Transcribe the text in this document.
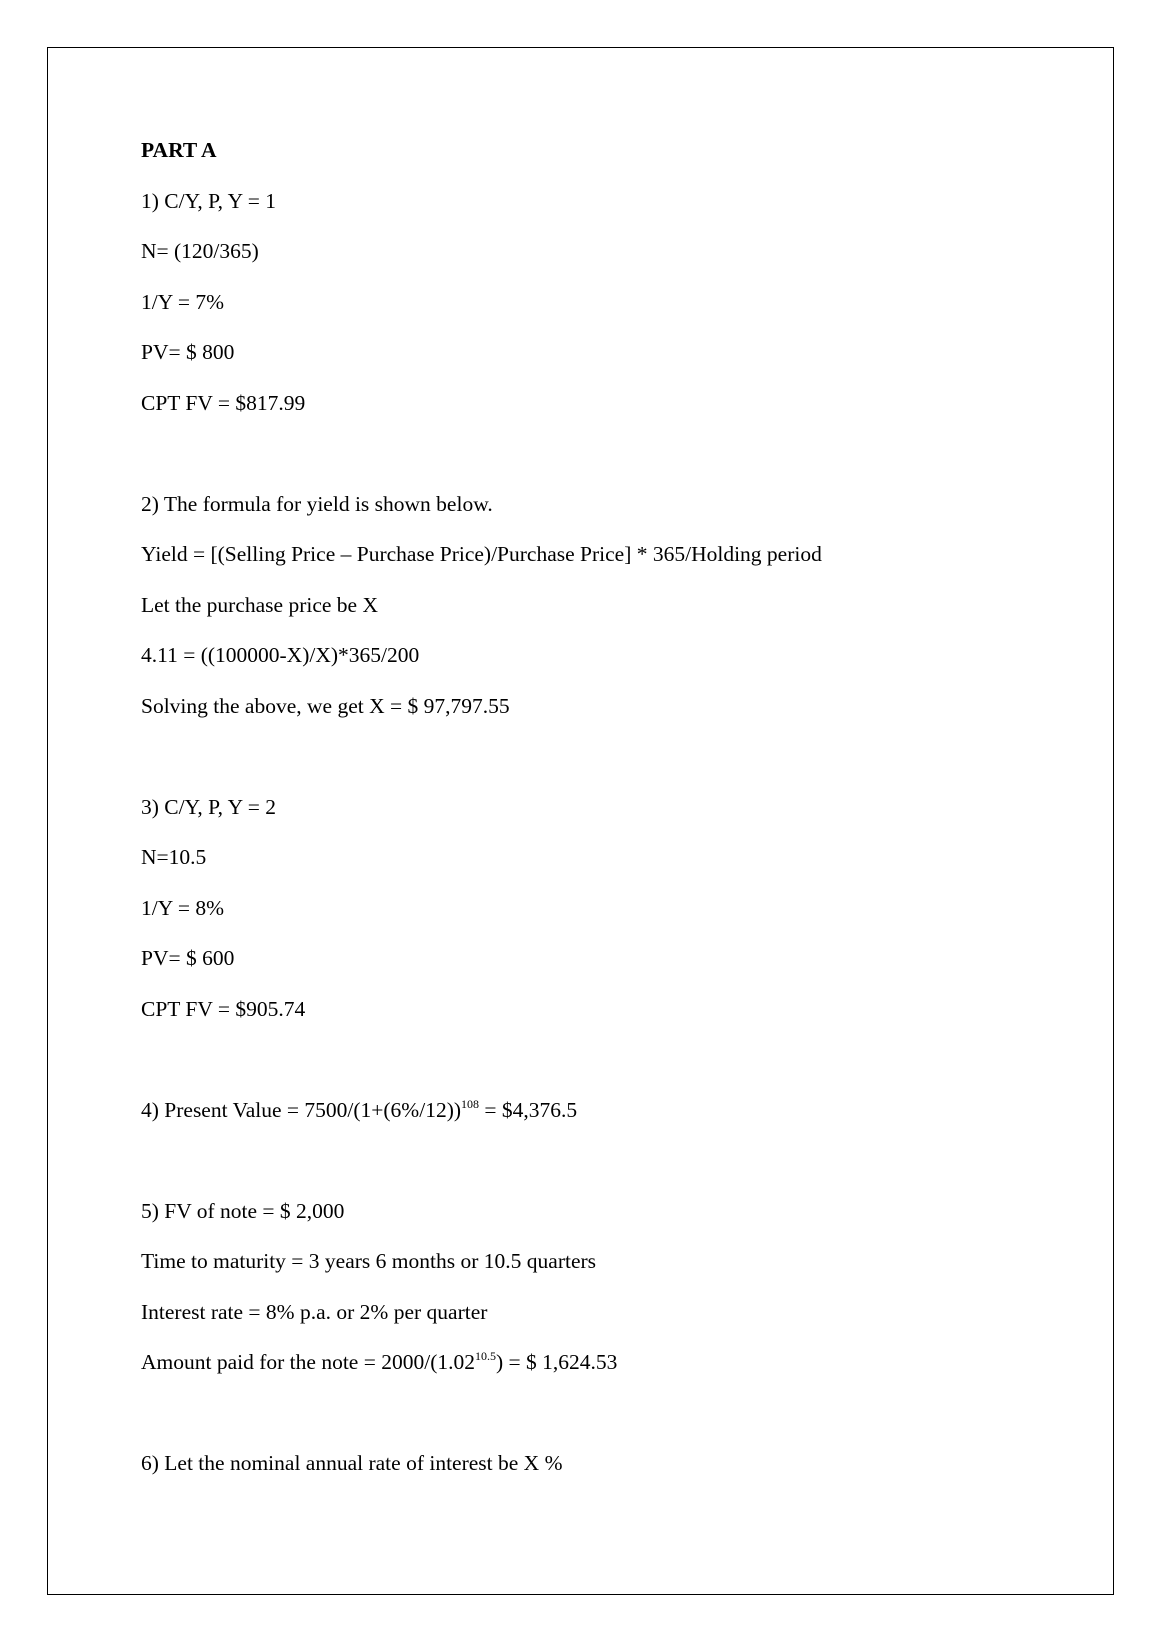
PART A
1) C/Y, P, Y = 1
N= (120/365)
1/Y = 7%
PV= $ 800
CPT FV = $817.99
2) The formula for yield is shown below.
Yield = [(Selling Price – Purchase Price)/Purchase Price] * 365/Holding period
Let the purchase price be X
4.11 = ((100000-X)/X)*365/200
Solving the above, we get X = $ 97,797.55
3) C/Y, P, Y = 2
N=10.5
1/Y = 8%
PV= $ 600
CPT FV = $905.74
4) Present Value = $7500/(1+(6\%/12))^{108}$ = $4,376.5
5) FV of note = $ 2,000
Time to maturity = 3 years 6 months or 10.5 quarters
Interest rate = 8% p.a. or 2% per quarter
Amount paid for the note = $2000/(1.02^{10.5})$ = $ 1,624.53
6) Let the nominal annual rate of interest be X %
